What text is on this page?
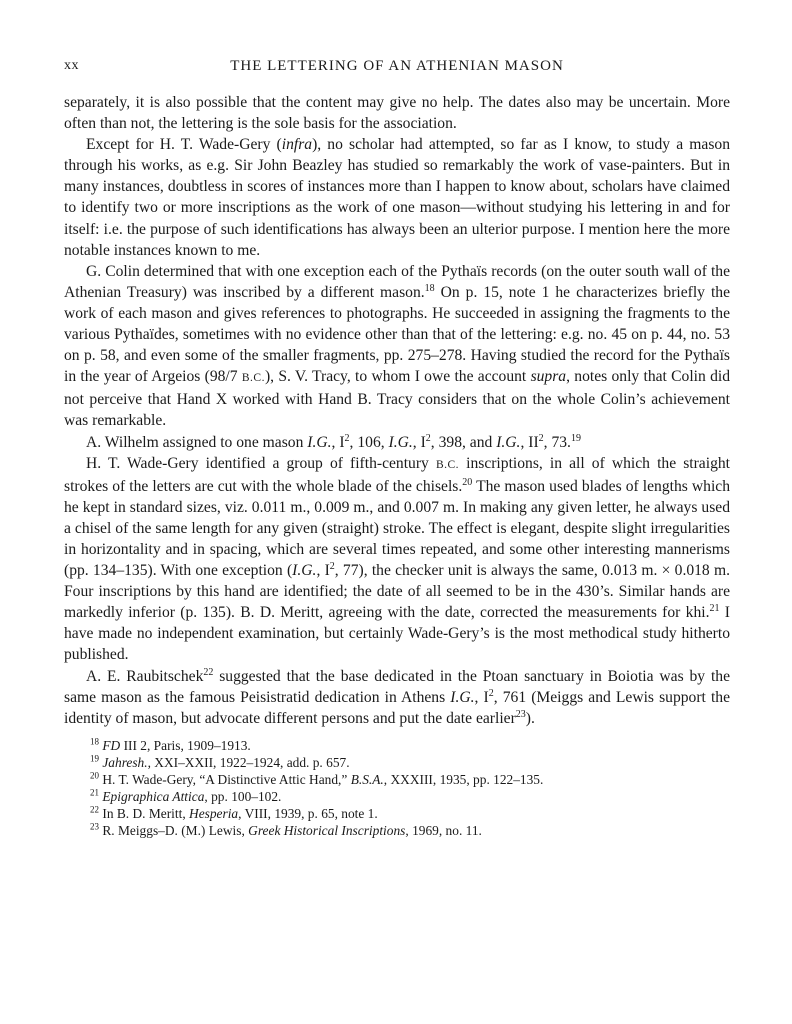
xx	THE LETTERING OF AN ATHENIAN MASON

separately, it is also possible that the content may give no help. The dates also may be uncertain. More often than not, the lettering is the sole basis for the association.

Except for H. T. Wade-Gery (infra), no scholar had attempted, so far as I know, to study a mason through his works, as e.g. Sir John Beazley has studied so remarkably the work of vase-painters. But in many instances, doubtless in scores of instances more than I happen to know about, scholars have claimed to identify two or more inscriptions as the work of one mason—without studying his lettering in and for itself: i.e. the purpose of such identifications has always been an ulterior purpose. I mention here the more notable instances known to me.

G. Colin determined that with one exception each of the Pythaïs records (on the outer south wall of the Athenian Treasury) was inscribed by a different mason.$^{18}$ On p. 15, note 1 he characterizes briefly the work of each mason and gives references to photographs. He succeeded in assigning the fragments to the various Pythaïdes, sometimes with no evidence other than that of the lettering: e.g. no. 45 on p. 44, no. 53 on p. 58, and even some of the smaller fragments, pp. 275–278. Having studied the record for the Pythaïs in the year of Argeios (98/7 B.C.), S. V. Tracy, to whom I owe the account supra, notes only that Colin did not perceive that Hand X worked with Hand B. Tracy considers that on the whole Colin’s achievement was remarkable.

A. Wilhelm assigned to one mason I.G., $I^2$, 106, I.G., $I^2$, 398, and I.G., $II^2$, 73.19

H. T. Wade-Gery identified a group of fifth-century B.C. inscriptions, in all of which the straight strokes of the letters are cut with the whole blade of the chisels.$^{20}$ The mason used blades of lengths which he kept in standard sizes, viz. 0.011 m., 0.009 m., and 0.007 m. In making any given letter, he always used a chisel of the same length for any given (straight) stroke. The effect is elegant, despite slight irregularities in horizontality and in spacing, which are several times repeated, and some other interesting mannerisms (pp. 134–135). With one exception (I.G., $I^2$, 77), the checker unit is always the same, 0.013 m. × 0.018 m. Four inscriptions by this hand are identified; the date of all seemed to be in the 430’s. Similar hands are markedly inferior (p. 135). B. D. Meritt, agreeing with the date, corrected the measurements for khi.$^{21}$ I have made no independent examination, but certainly Wade-Gery’s is the most methodical study hitherto published.

A. E. Raubitschek$^{22}$ suggested that the base dedicated in the Ptoan sanctuary in Boiotia was by the same mason as the famous Peisistratid dedication in Athens I.G., $I^2$, 761 (Meiggs and Lewis support the identity of mason, but advocate different persons and put the date earlier$^{23}$).

$^{18}$ FD III 2, Paris, 1909–1913.
$^{19}$ Jahresh., XXI–XXII, 1922–1924, add. p. 657.
$^{20}$ H. T. Wade-Gery, “A Distinctive Attic Hand,” B.S.A., XXXIII, 1935, pp. 122–135.
$^{21}$ Epigraphica Attica, pp. 100–102.
$^{22}$ In B. D. Meritt, Hesperia, VIII, 1939, p. 65, note 1.
$^{23}$ R. Meiggs–D. (M.) Lewis, Greek Historical Inscriptions, 1969, no. 11.
